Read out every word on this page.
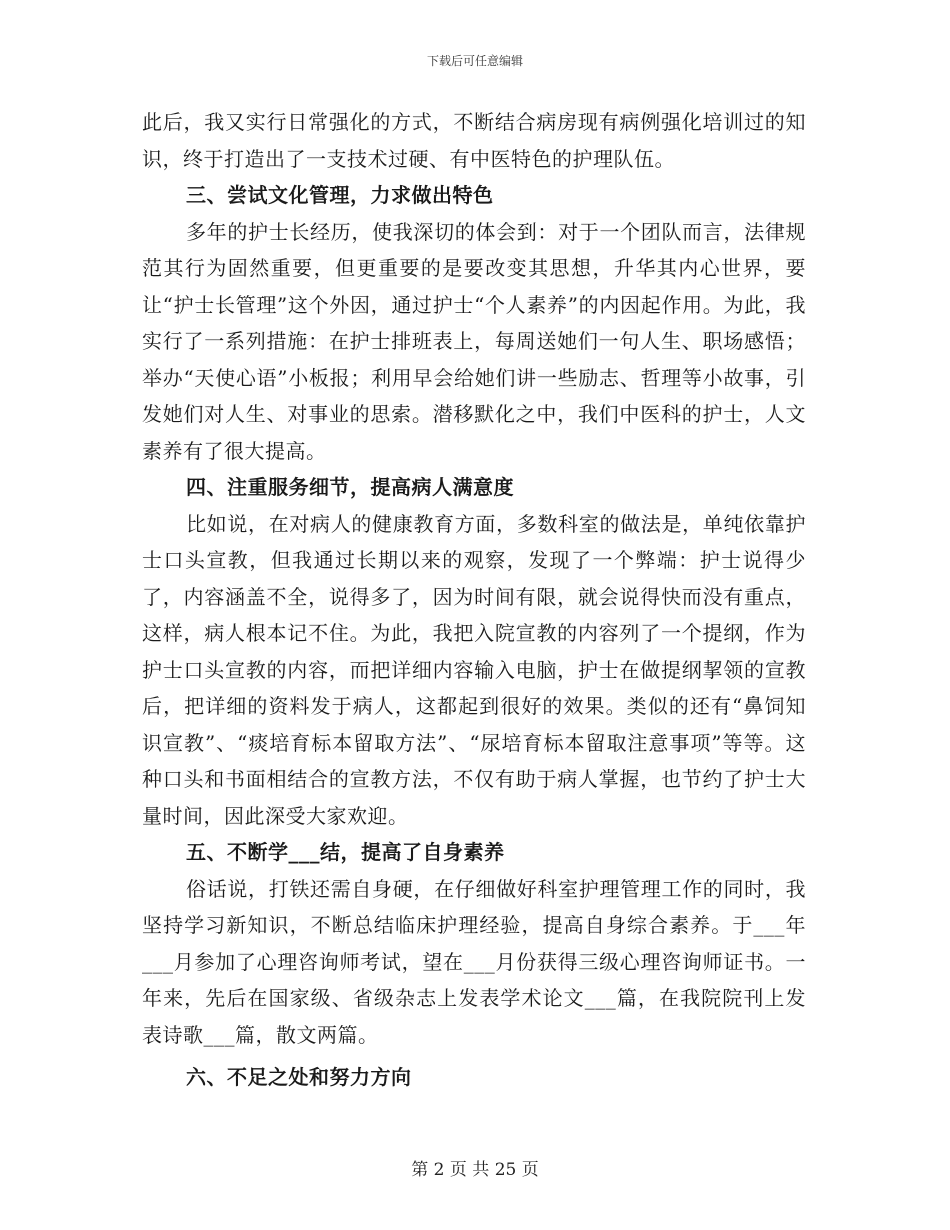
下载后可任意编辑

此后，我又实行日常强化的方式，不断结合病房现有病例强化培训过的知识，终于打造出了一支技术过硬、有中医特色的护理队伍。

三、尝试文化管理，力求做出特色

多年的护士长经历，使我深切的体会到：对于一个团队而言，法律规范其行为固然重要，但更重要的是要改变其思想，升华其内心世界，要让“护士长管理”这个外因，通过护士“个人素养”的内因起作用。为此，我实行了一系列措施：在护士排班表上，每周送她们一句人生、职场感悟；举办“天使心语”小板报；利用早会给她们讲一些励志、哲理等小故事，引发她们对人生、对事业的思索。潜移默化之中，我们中医科的护士，人文素养有了很大提高。

四、注重服务细节，提高病人满意度

比如说，在对病人的健康教育方面，多数科室的做法是，单纯依靠护士口头宣教，但我通过长期以来的观察，发现了一个弊端：护士说得少了，内容涵盖不全，说得多了，因为时间有限，就会说得快而没有重点，这样，病人根本记不住。为此，我把入院宣教的内容列了一个提纲，作为护士口头宣教的内容，而把详细内容输入电脑，护士在做提纲挈领的宣教后，把详细的资料发于病人，这都起到很好的效果。类似的还有“鼻饲知识宣教”、“痰培育标本留取方法”、“尿培育标本留取注意事项”等等。这种口头和书面相结合的宣教方法，不仅有助于病人掌握，也节约了护士大量时间，因此深受大家欢迎。

五、不断学___结，提高了自身素养

俗话说，打铁还需自身硬，在仔细做好科室护理管理工作的同时，我坚持学习新知识，不断总结临床护理经验，提高自身综合素养。于___年___月参加了心理咨询师考试，望在___月份获得三级心理咨询师证书。一年来，先后在国家级、省级杂志上发表学术论文___篇，在我院院刊上发表诗歌___篇，散文两篇。

六、不足之处和努力方向

第 2 页 共 25 页
